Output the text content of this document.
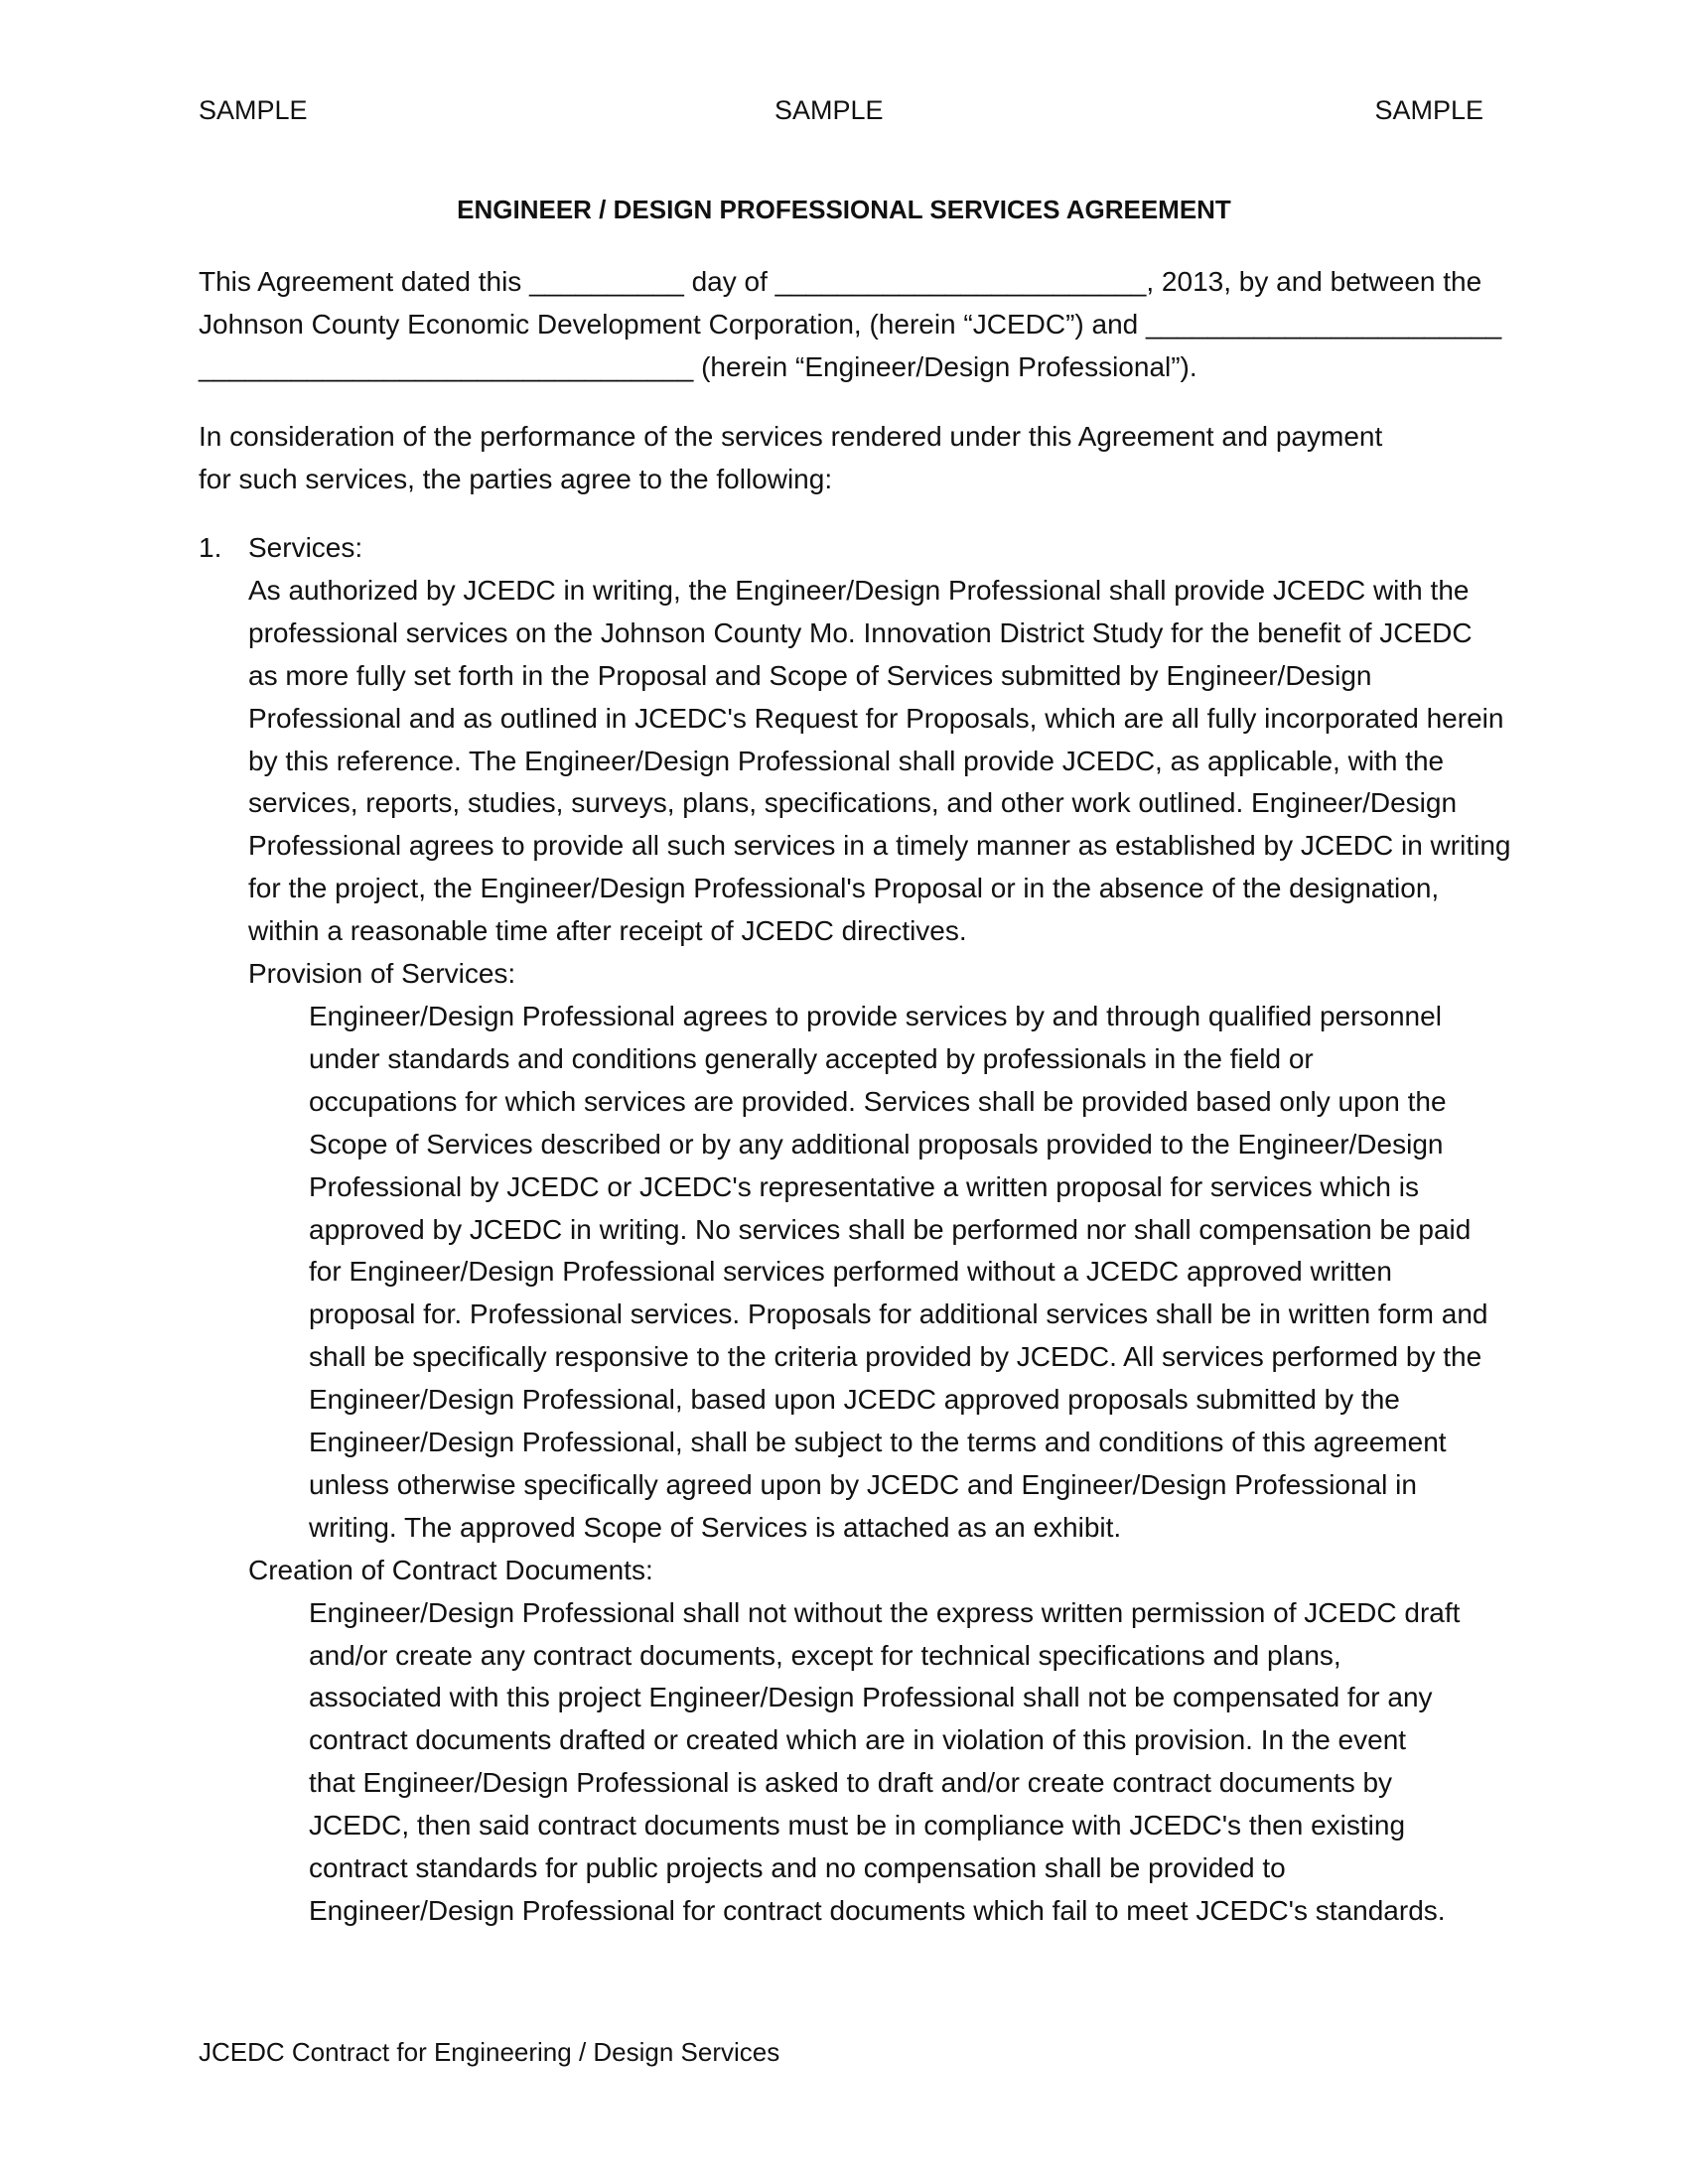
SAMPLE	SAMPLE	SAMPLE
ENGINEER / DESIGN PROFESSIONAL SERVICES AGREEMENT

This Agreement dated this __________ day of ________________________, 2013, by and between the

Johnson County Economic Development Corporation, (herein “JCEDC”) and _______________________

________________________________ (herein “Engineer/Design Professional”).

In consideration of the performance of the services rendered under this Agreement and payment

for such services, the parties agree to the following:

1. Services:
As authorized by JCEDC in writing, the Engineer/Design Professional shall provide JCEDC with the
professional services on the Johnson County Mo. Innovation District Study for the benefit of JCEDC
as more fully set forth in the Proposal and Scope of Services submitted by Engineer/Design
Professional and as outlined in JCEDC's Request for Proposals, which are all fully incorporated herein
by this reference. The Engineer/Design Professional shall provide JCEDC, as applicable, with the
services, reports, studies, surveys, plans, specifications, and other work outlined. Engineer/Design
Professional agrees to provide all such services in a timely manner as established by JCEDC in writing
for the project, the Engineer/Design Professional's Proposal or in the absence of the designation,
within a reasonable time after receipt of JCEDC directives.
Provision of Services:
Engineer/Design Professional agrees to provide services by and through qualified personnel
under standards and conditions generally accepted by professionals in the field or
occupations for which services are provided. Services shall be provided based only upon the
Scope of Services described or by any additional proposals provided to the Engineer/Design
Professional by JCEDC or JCEDC's representative a written proposal for services which is
approved by JCEDC in writing. No services shall be performed nor shall compensation be paid
for Engineer/Design Professional services performed without a JCEDC approved written
proposal for. Professional services. Proposals for additional services shall be in written form and
shall be specifically responsive to the criteria provided by JCEDC. All services performed by the
Engineer/Design Professional, based upon JCEDC approved proposals submitted by the
Engineer/Design Professional, shall be subject to the terms and conditions of this agreement
unless otherwise specifically agreed upon by JCEDC and Engineer/Design Professional in
writing. The approved Scope of Services is attached as an exhibit.
Creation of Contract Documents:
Engineer/Design Professional shall not without the express written permission of JCEDC draft
and/or create any contract documents, except for technical specifications and plans,
associated with this project Engineer/Design Professional shall not be compensated for any
contract documents drafted or created which are in violation of this provision. In the event
that Engineer/Design Professional is asked to draft and/or create contract documents by
JCEDC, then said contract documents must be in compliance with JCEDC's then existing
contract standards for public projects and no compensation shall be provided to
Engineer/Design Professional for contract documents which fail to meet JCEDC's standards.
JCEDC Contract for Engineering / Design Services
